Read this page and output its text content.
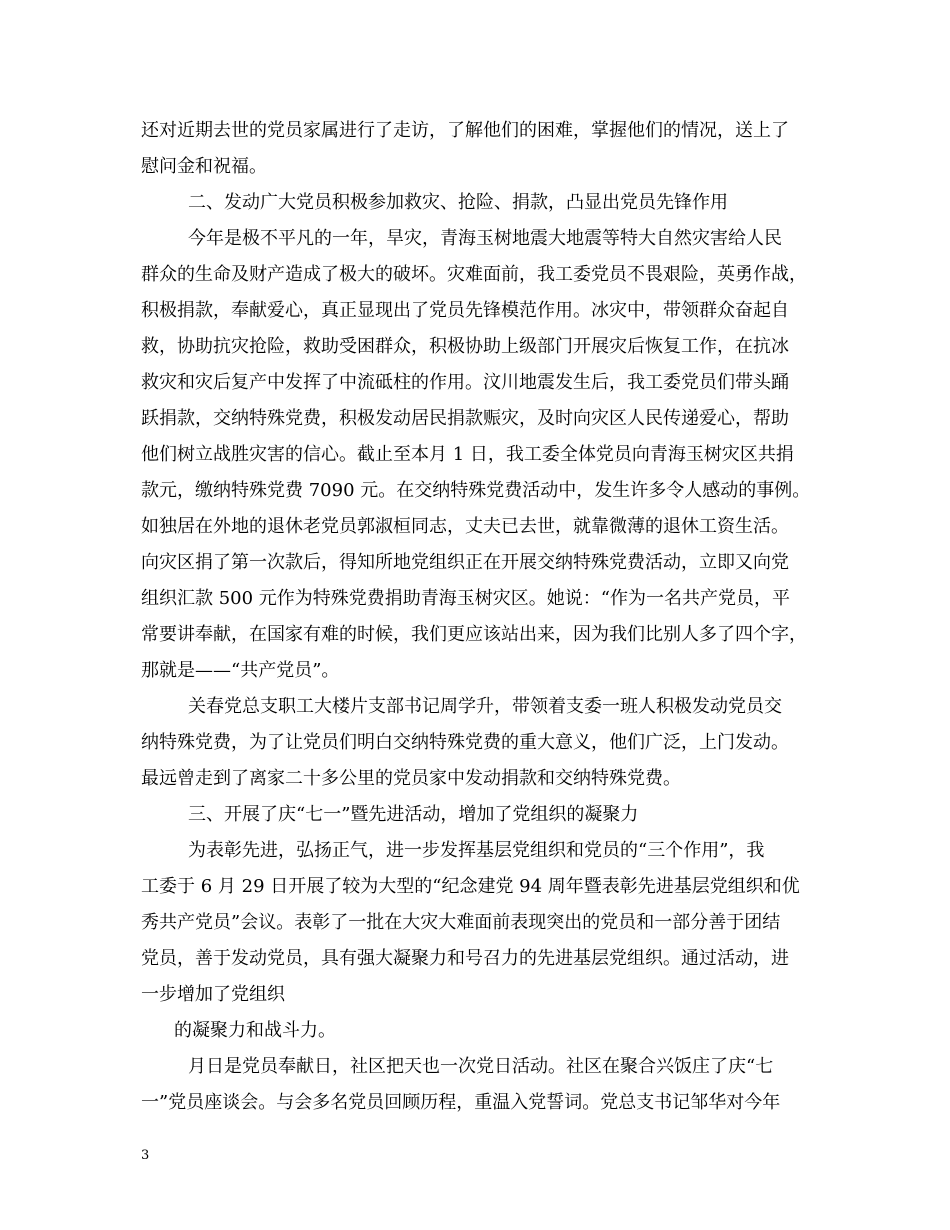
还对近期去世的党员家属进行了走访，了解他们的困难，掌握他们的情况，送上了
慰问金和祝福。
二、发动广大党员积极参加救灾、抢险、捐款，凸显出党员先锋作用
今年是极不平凡的一年，旱灾，青海玉树地震大地震等特大自然灾害给人民
群众的生命及财产造成了极大的破坏。灾难面前，我工委党员不畏艰险，英勇作战，
积极捐款，奉献爱心，真正显现出了党员先锋模范作用。冰灾中，带领群众奋起自
救，协助抗灾抢险，救助受困群众，积极协助上级部门开展灾后恢复工作，在抗冰
救灾和灾后复产中发挥了中流砥柱的作用。汶川地震发生后，我工委党员们带头踊
跃捐款，交纳特殊党费，积极发动居民捐款赈灾，及时向灾区人民传递爱心，帮助
他们树立战胜灾害的信心。截止至本月 1 日，我工委全体党员向青海玉树灾区共捐
款元，缴纳特殊党费 7090 元。在交纳特殊党费活动中，发生许多令人感动的事例。
如独居在外地的退休老党员郭淑桓同志，丈夫已去世，就靠微薄的退休工资生活。
向灾区捐了第一次款后，得知所地党组织正在开展交纳特殊党费活动，立即又向党
组织汇款 500 元作为特殊党费捐助青海玉树灾区。她说：“作为一名共产党员，平
常要讲奉献，在国家有难的时候，我们更应该站出来，因为我们比别人多了四个字，
那就是——“共产党员”。
关春党总支职工大楼片支部书记周学升，带领着支委一班人积极发动党员交
纳特殊党费，为了让党员们明白交纳特殊党费的重大意义，他们广泛，上门发动。
最远曾走到了离家二十多公里的党员家中发动捐款和交纳特殊党费。
三、开展了庆“七一”暨先进活动，增加了党组织的凝聚力
为表彰先进，弘扬正气，进一步发挥基层党组织和党员的“三个作用”，我
工委于 6 月 29 日开展了较为大型的“纪念建党 94 周年暨表彰先进基层党组织和优
秀共产党员”会议。表彰了一批在大灾大难面前表现突出的党员和一部分善于团结
党员，善于发动党员，具有强大凝聚力和号召力的先进基层党组织。通过活动，进
一步增加了党组织
的凝聚力和战斗力。
月日是党员奉献日，社区把天也一次党日活动。社区在聚合兴饭庄了庆“七
一”党员座谈会。与会多名党员回顾历程，重温入党誓词。党总支书记邹华对今年
3
